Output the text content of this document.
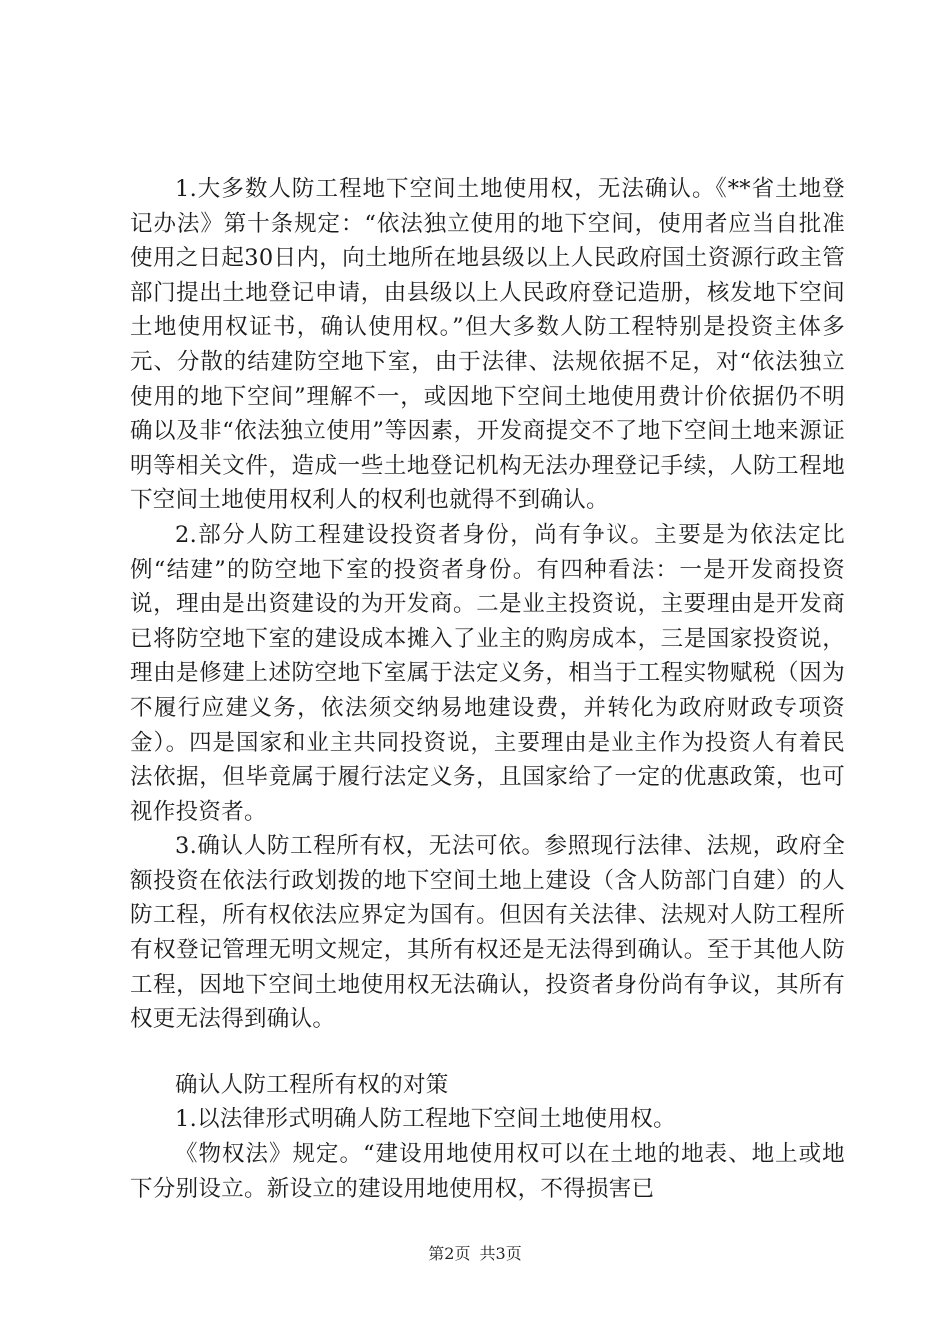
1.大多数人防工程地下空间土地使用权，无法确认。《**省土地登记办法》第十条规定：“依法独立使用的地下空间，使用者应当自批准使用之日起30日内，向土地所在地县级以上人民政府国土资源行政主管部门提出土地登记申请，由县级以上人民政府登记造册，核发地下空间土地使用权证书，确认使用权。”但大多数人防工程特别是投资主体多元、分散的结建防空地下室，由于法律、法规依据不足，对“依法独立使用的地下空间”理解不一，或因地下空间土地使用费计价依据仍不明确以及非“依法独立使用”等因素，开发商提交不了地下空间土地来源证明等相关文件，造成一些土地登记机构无法办理登记手续，人防工程地下空间土地使用权利人的权利也就得不到确认。

2.部分人防工程建设投资者身份，尚有争议。主要是为依法定比例“结建”的防空地下室的投资者身份。有四种看法：一是开发商投资说，理由是出资建设的为开发商。二是业主投资说，主要理由是开发商已将防空地下室的建设成本摊入了业主的购房成本，三是国家投资说，理由是修建上述防空地下室属于法定义务，相当于工程实物赋税（因为不履行应建义务，依法须交纳易地建设费，并转化为政府财政专项资金）。四是国家和业主共同投资说，主要理由是业主作为投资人有着民法依据，但毕竟属于履行法定义务，且国家给了一定的优惠政策，也可视作投资者。

3.确认人防工程所有权，无法可依。参照现行法律、法规，政府全额投资在依法行政划拨的地下空间土地上建设（含人防部门自建）的人防工程，所有权依法应界定为国有。但因有关法律、法规对人防工程所有权登记管理无明文规定，其所有权还是无法得到确认。至于其他人防工程，因地下空间土地使用权无法确认，投资者身份尚有争议，其所有权更无法得到确认。

确认人防工程所有权的对策

1.以法律形式明确人防工程地下空间土地使用权。

《物权法》规定。“建设用地使用权可以在土地的地表、地上或地下分别设立。新设立的建设用地使用权，不得损害已

第2页 共3页
